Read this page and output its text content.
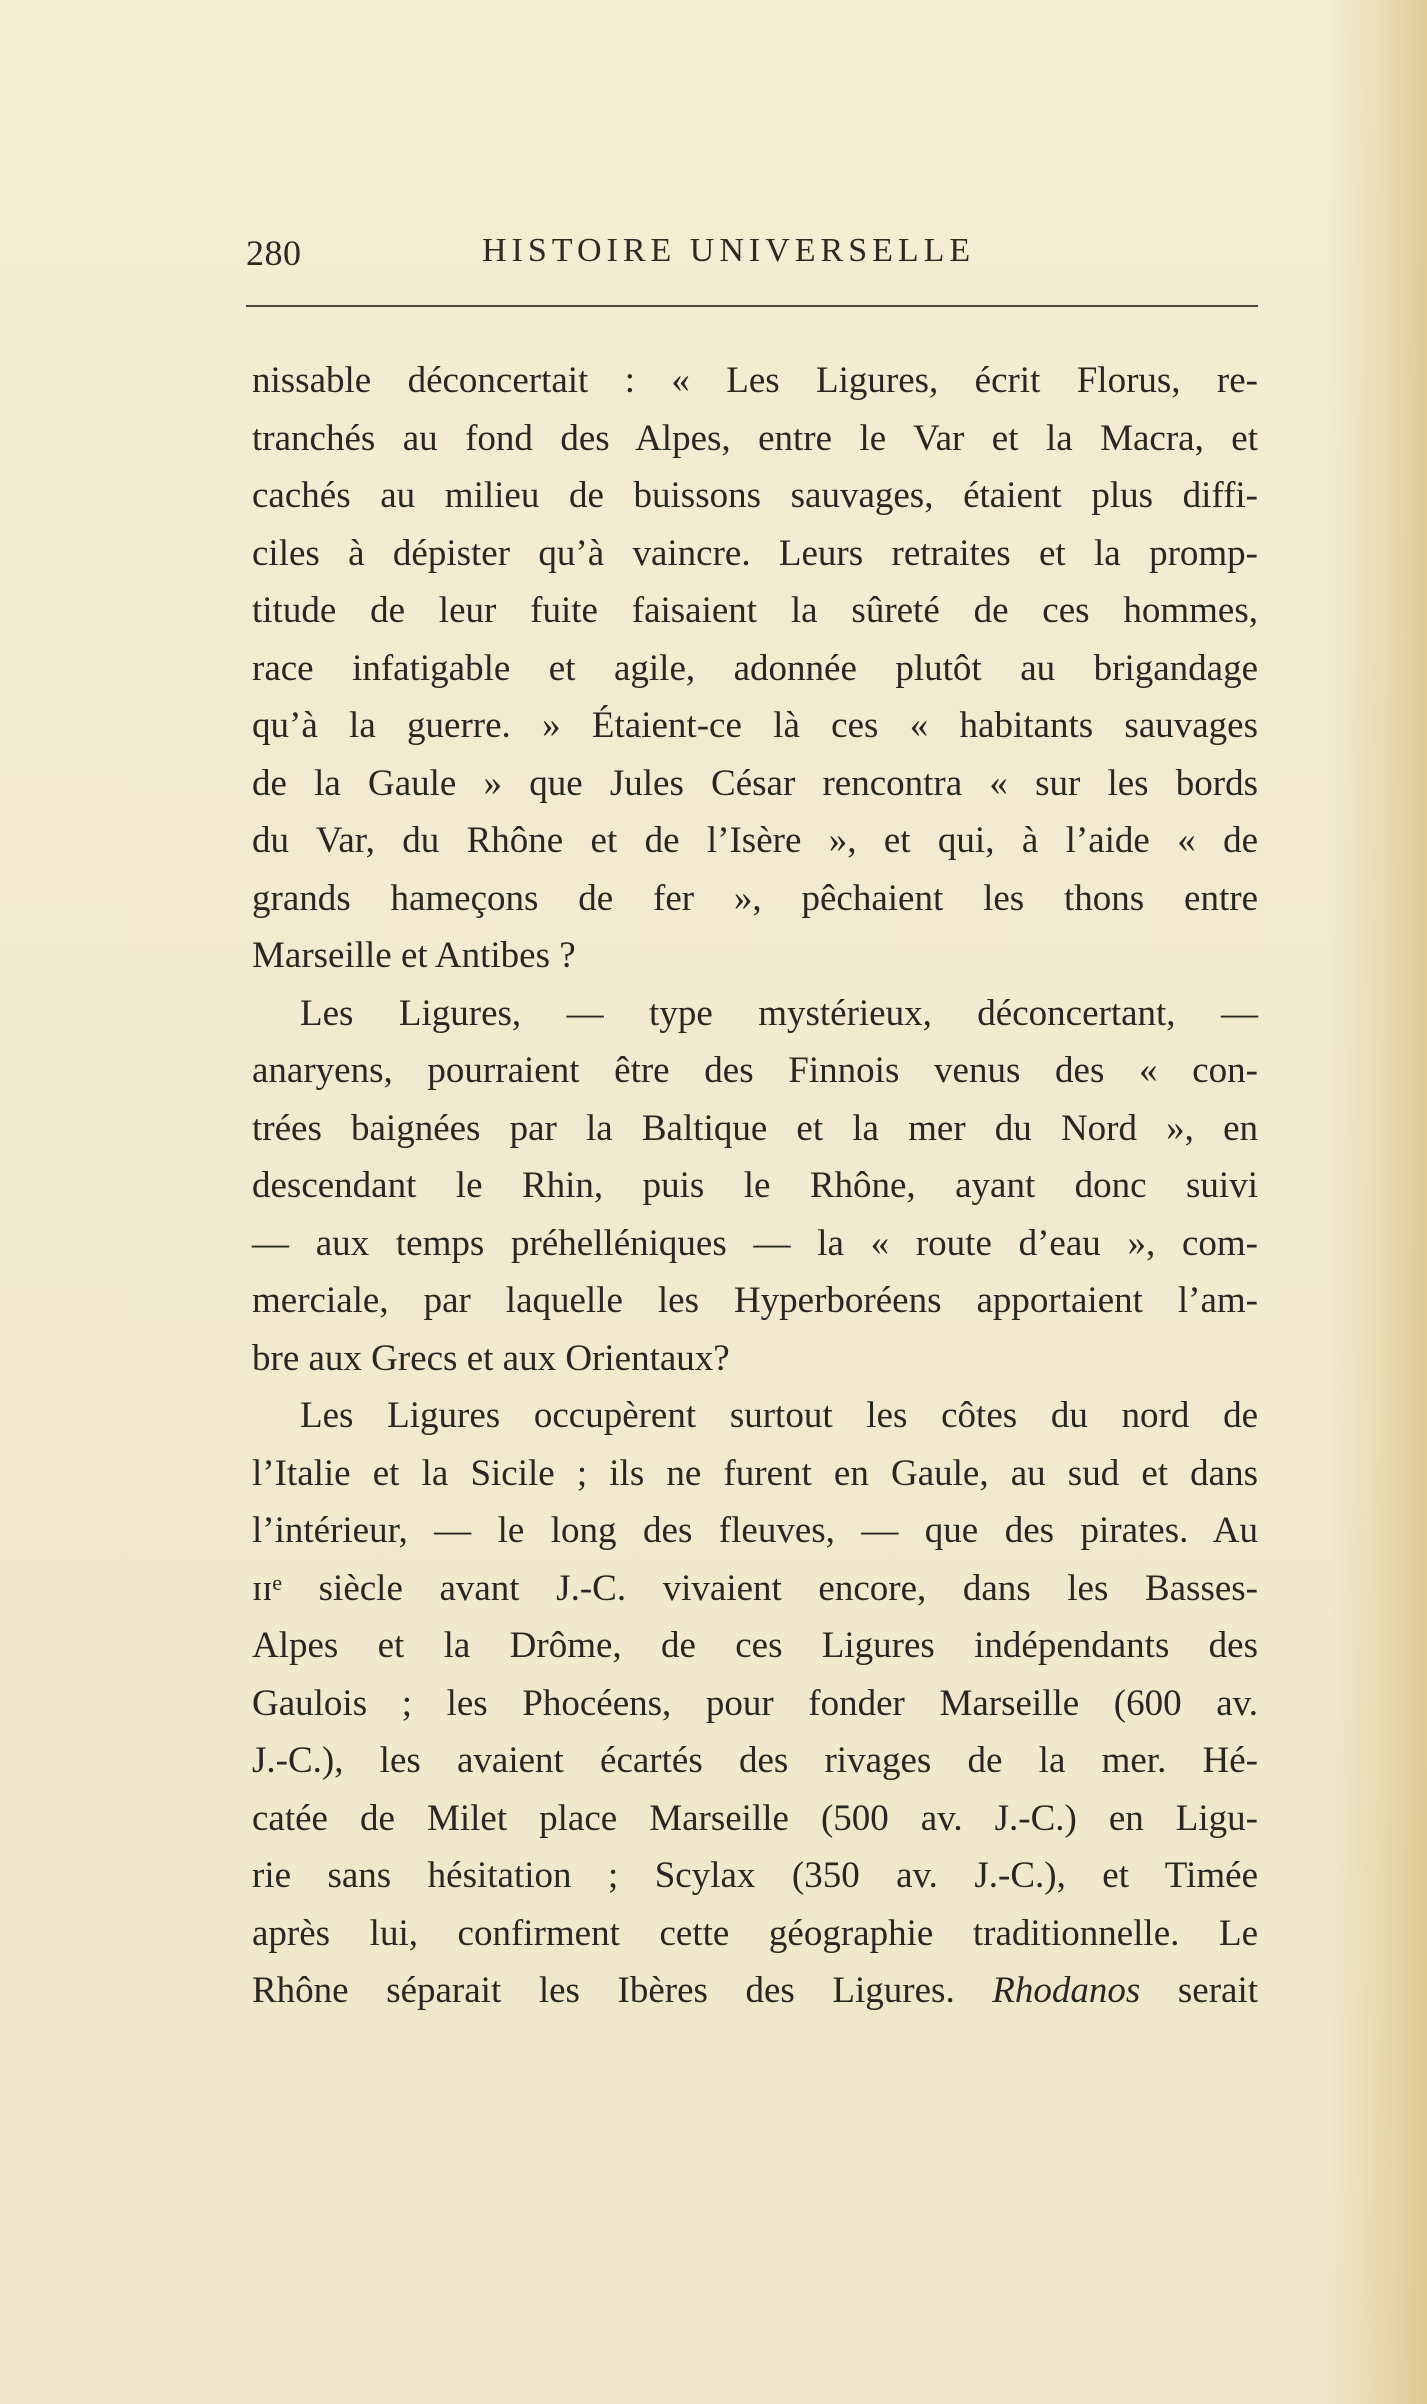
280	HISTOIRE UNIVERSELLE
nissable déconcertait : « Les Ligures, écrit Florus, re-
tranchés au fond des Alpes, entre le Var et la Macra, et
cachés au milieu de buissons sauvages, étaient plus diffi-
ciles à dépister qu’à vaincre. Leurs retraites et la promp-
titude de leur fuite faisaient la sûreté de ces hommes,
race infatigable et agile, adonnée plutôt au brigandage
qu’à la guerre. » Étaient-ce là ces « habitants sauvages
de la Gaule » que Jules César rencontra « sur les bords
du Var, du Rhône et de l’Isère », et qui, à l’aide « de
grands hameçons de fer », pêchaient les thons entre
Marseille et Antibes ?
Les Ligures, — type mystérieux, déconcertant, —
anaryens, pourraient être des Finnois venus des « con-
trées baignées par la Baltique et la mer du Nord », en
descendant le Rhin, puis le Rhône, ayant donc suivi
— aux temps préhelléniques — la « route d’eau », com-
merciale, par laquelle les Hyperboréens apportaient l’am-
bre aux Grecs et aux Orientaux?
Les Ligures occupèrent surtout les côtes du nord de
l’Italie et la Sicile ; ils ne furent en Gaule, au sud et dans
l’intérieur, — le long des fleuves, — que des pirates. Au
ɪɪᵉ siècle avant J.-C. vivaient encore, dans les Basses-
Alpes et la Drôme, de ces Ligures indépendants des
Gaulois ; les Phocéens, pour fonder Marseille (600 av.
J.-C.), les avaient écartés des rivages de la mer. Hé-
catée de Milet place Marseille (500 av. J.-C.) en Ligu-
rie sans hésitation ; Scylax (350 av. J.-C.), et Timée
après lui, confirment cette géographie traditionnelle. Le
Rhône séparait les Ibères des Ligures. Rhodanos serait
